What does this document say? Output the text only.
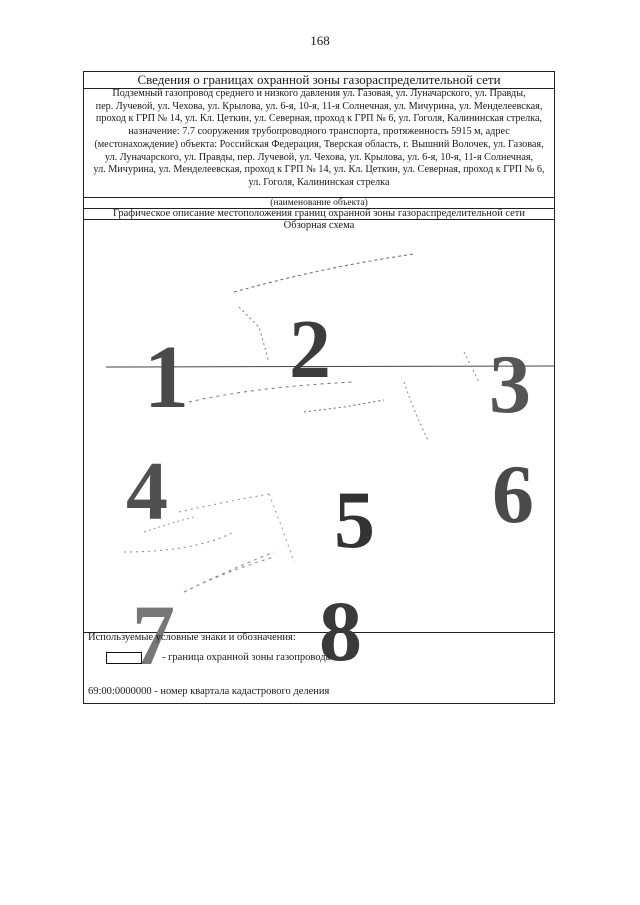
168
Сведения о границах охранной зоны газораспределительной сети
Подземный газопровод среднего и низкого давления ул. Газовая, ул. Луначарского, ул. Правды,
пер. Лучевой, ул. Чехова, ул. Крылова, ул. 6-я, 10-я, 11-я Солнечная, ул. Мичурина, ул. Менделеевская,
проход к ГРП № 14, ул. Кл. Цеткин, ул. Северная, проход к ГРП № 6, ул. Гоголя, Калининская стрелка,
назначение: 7.7 сооружения трубопроводного транспорта, протяженность 5915 м, адрес
(местонахождение) объекта: Российская Федерация, Тверская область, г. Вышний Волочек, ул. Газовая,
ул. Луначарского, ул. Правды, пер. Лучевой, ул. Чехова, ул. Крылова, ул. 6-я, 10-я, 11-я Солнечная,
ул. Мичурина, ул. Менделеевская, проход к ГРП № 14, ул. Кл. Цеткин, ул. Северная, проход к ГРП № 6,
ул. Гоголя, Калининская стрелка
(наименование объекта)
Графическое описание местоположения границ охранной зоны газораспределительной сети
Обзорная схема
1 2 3
4 5 6
7 8
Используемые условные знаки и обозначения:
- граница охранной зоны газопровода
69:00:0000000 - номер квартала кадастрового деления
